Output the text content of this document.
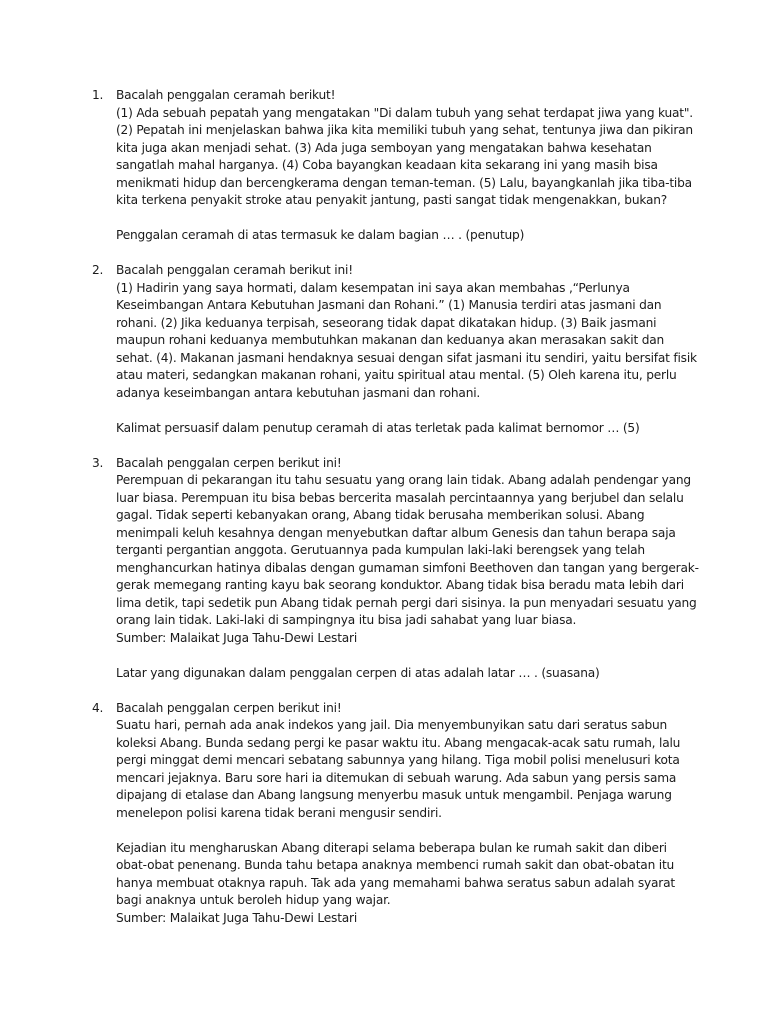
1. Bacalah penggalan ceramah berikut!
(1) Ada sebuah pepatah yang mengatakan "Di dalam tubuh yang sehat terdapat jiwa yang kuat".
(2) Pepatah ini menjelaskan bahwa jika kita memiliki tubuh yang sehat, tentunya jiwa dan pikiran
kita juga akan menjadi sehat. (3) Ada juga semboyan yang mengatakan bahwa kesehatan
sangatlah mahal harganya. (4) Coba bayangkan keadaan kita sekarang ini yang masih bisa
menikmati hidup dan bercengkerama dengan teman-teman. (5) Lalu, bayangkanlah jika tiba-tiba
kita terkena penyakit stroke atau penyakit jantung, pasti sangat tidak mengenakkan, bukan?
Penggalan ceramah di atas termasuk ke dalam bagian … . (penutup)
2. Bacalah penggalan ceramah berikut ini!
(1) Hadirin yang saya hormati, dalam kesempatan ini saya akan membahas ,“Perlunya
Keseimbangan Antara Kebutuhan Jasmani dan Rohani.” (1) Manusia terdiri atas jasmani dan
rohani. (2) Jika keduanya terpisah, seseorang tidak dapat dikatakan hidup. (3) Baik jasmani
maupun rohani keduanya membutuhkan makanan dan keduanya akan merasakan sakit dan
sehat. (4). Makanan jasmani hendaknya sesuai dengan sifat jasmani itu sendiri, yaitu bersifat fisik
atau materi, sedangkan makanan rohani, yaitu spiritual atau mental. (5) Oleh karena itu, perlu
adanya keseimbangan antara kebutuhan jasmani dan rohani.
Kalimat persuasif dalam penutup ceramah di atas terletak pada kalimat bernomor … (5)
3. Bacalah penggalan cerpen berikut ini!
Perempuan di pekarangan itu tahu sesuatu yang orang lain tidak. Abang adalah pendengar yang
luar biasa. Perempuan itu bisa bebas bercerita masalah percintaannya yang berjubel dan selalu
gagal. Tidak seperti kebanyakan orang, Abang tidak berusaha memberikan solusi. Abang
menimpali keluh kesahnya dengan menyebutkan daftar album Genesis dan tahun berapa saja
terganti pergantian anggota. Gerutuannya pada kumpulan laki-laki berengsek yang telah
menghancurkan hatinya dibalas dengan gumaman simfoni Beethoven dan tangan yang bergerak-
gerak memegang ranting kayu bak seorang konduktor. Abang tidak bisa beradu mata lebih dari
lima detik, tapi sedetik pun Abang tidak pernah pergi dari sisinya. Ia pun menyadari sesuatu yang
orang lain tidak. Laki-laki di sampingnya itu bisa jadi sahabat yang luar biasa.
Sumber: Malaikat Juga Tahu-Dewi Lestari
Latar yang digunakan dalam penggalan cerpen di atas adalah latar … . (suasana)
4. Bacalah penggalan cerpen berikut ini!
Suatu hari, pernah ada anak indekos yang jail. Dia menyembunyikan satu dari seratus sabun
koleksi Abang. Bunda sedang pergi ke pasar waktu itu. Abang mengacak-acak satu rumah, lalu
pergi minggat demi mencari sebatang sabunnya yang hilang. Tiga mobil polisi menelusuri kota
mencari jejaknya. Baru sore hari ia ditemukan di sebuah warung. Ada sabun yang persis sama
dipajang di etalase dan Abang langsung menyerbu masuk untuk mengambil. Penjaga warung
menelepon polisi karena tidak berani mengusir sendiri.
Kejadian itu mengharuskan Abang diterapi selama beberapa bulan ke rumah sakit dan diberi
obat-obat penenang. Bunda tahu betapa anaknya membenci rumah sakit dan obat-obatan itu
hanya membuat otaknya rapuh. Tak ada yang memahami bahwa seratus sabun adalah syarat
bagi anaknya untuk beroleh hidup yang wajar.
Sumber: Malaikat Juga Tahu-Dewi Lestari
